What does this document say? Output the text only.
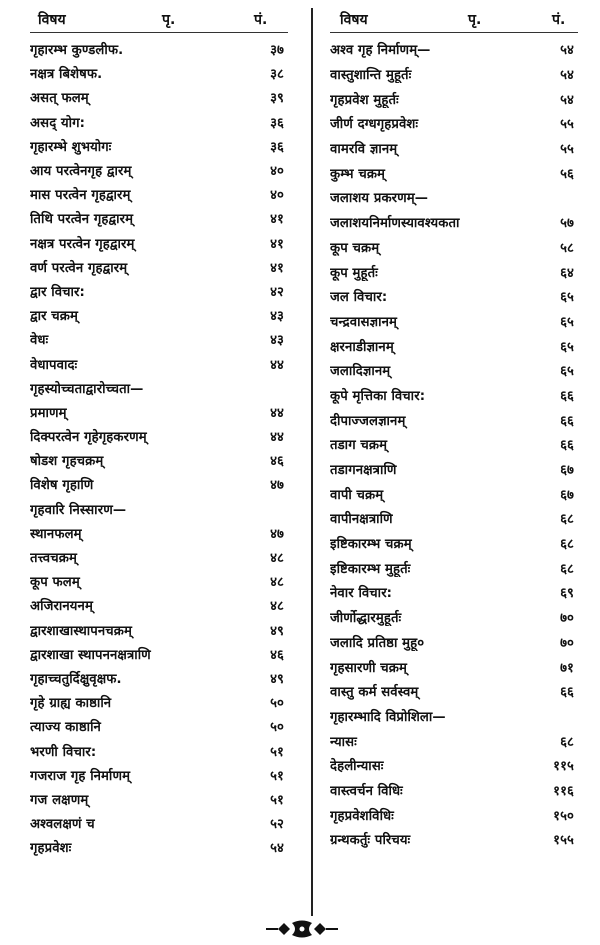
विषय	पृ.	पं.
गृहारम्भ कुण्डलीफ.	३७
नक्षत्र बिशेषफ.	३८
असत् फलम्	३९
असद् योग:	३६
गृहारम्भे शुभयोगः	३६
आय परत्वेनगृह द्वारम्	४०
मास परत्वेन गृहद्वारम्	४०
तिथि परत्वेन गृहद्वारम्	४१
नक्षत्र परत्वेन गृहद्वारम्	४१
वर्ण परत्वेन गृहद्वारम्	४१
द्वार विचार:	४२
द्वार चक्रम्	४३
वेधः	४३
वेधापवादः	४४
गृहस्योच्चताद्वारोच्चता—
प्रमाणम्	४४
दिक्परत्वेन गृहेगृहकरणम्	४४
षोडश गृहचक्रम्	४६
विशेष गृहाणि	४७
गृहवारि निस्सारण—
स्थानफलम्	४७
तत्त्वचक्रम्	४८
कूप फलम्	४८
अजिरानयनम्	४८
द्वारशाखास्थापनचक्रम्	४९
द्वारशाखा स्थापननक्षत्राणि	४६
गृहाच्चतुर्दिक्षुवृक्षफ.	४९
गृहे ग्राह्य काष्ठानि	५०
त्याज्य काष्ठानि	५०
भरणी विचार:	५१
गजराज गृह निर्माणम्	५१
गज लक्षणम्	५१
अश्वलक्षणं च	५२
गृहप्रवेशः	५४
विषय	पृ.	पं.
अश्व गृह निर्माणम्—	५४
वास्तुशान्ति मुहूर्तः	५४
गृहप्रवेश मुहूर्तः	५४
जीर्ण दग्धगृहप्रवेशः	५५
वामरवि ज्ञानम्	५५
कुम्भ चक्रम्	५६
जलाशय प्रकरणम्—
जलाशयनिर्माणस्यावश्यकता	५७
कूप चक्रम्	५८
कूप मुहूर्तः	६४
जल विचार:	६५
चन्द्रवासज्ञानम्	६५
क्षरनाडीज्ञानम्	६५
जलादिज्ञानम्	६५
कूपे मृत्तिका विचार:	६६
दीपाज्जलज्ञानम्	६६
तडाग चक्रम्	६६
तडागनक्षत्राणि	६७
वापी चक्रम्	६७
वापीनक्षत्राणि	६८
इष्टिकारम्भ चक्रम्	६८
इष्टिकारम्भ मुहूर्तः	६८
नेवार विचार:	६९
जीर्णोद्धारमुहूर्तः	७०
जलादि प्रतिष्ठा मुहू०	७०
गृहसारणी चक्रम्	७१
वास्तु कर्म सर्वस्वम्	६६
गृहारम्भादि विप्रोशिला—
न्यासः	६८
देहलीन्यासः	११५
वास्त्वर्चन विधिः	११६
गृहप्रवेशविधिः	१५०
ग्रन्थकर्तुः परिचयः	१५५
